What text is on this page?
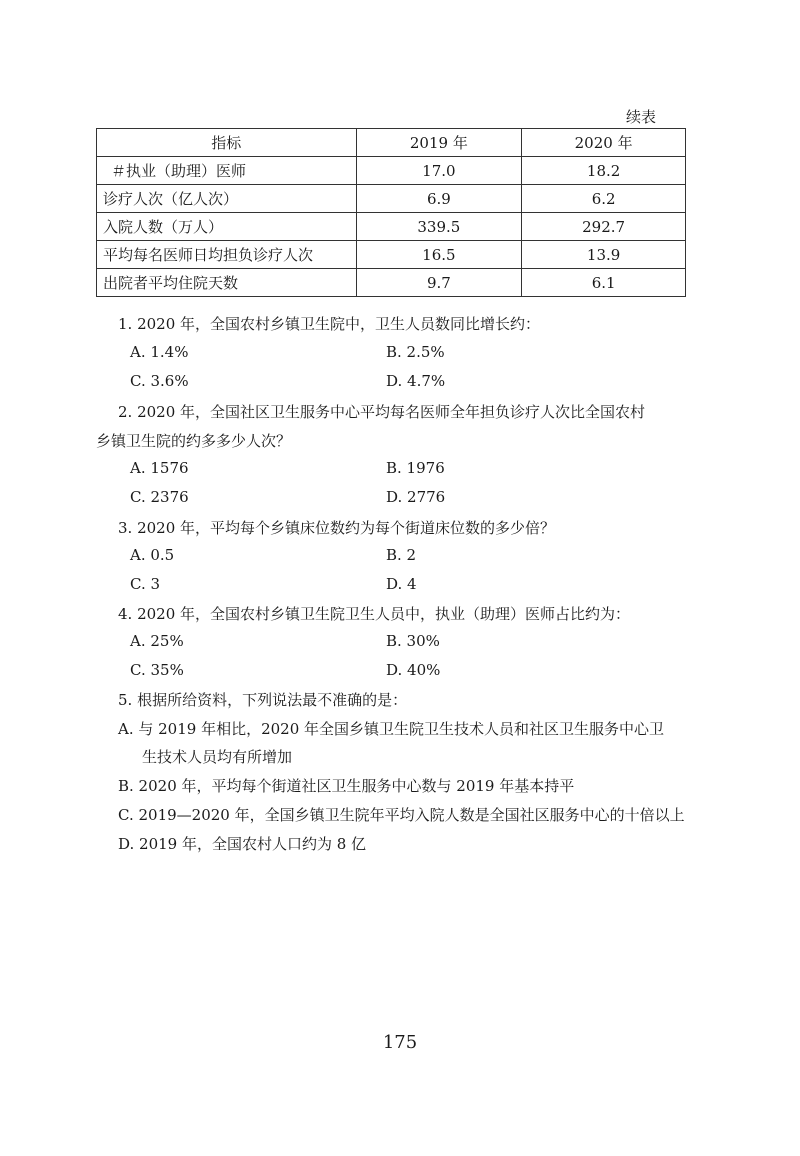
续表
指标	2019 年	2020 年
＃执业（助理）医师	17.0	18.2
诊疗人次（亿人次）	6.9	6.2
入院人数（万人）	339.5	292.7
平均每名医师日均担负诊疗人次	16.5	13.9
出院者平均住院天数	9.7	6.1
1. 2020 年，全国农村乡镇卫生院中，卫生人员数同比增长约：
A. 1.4%	B. 2.5%
C. 3.6%	D. 4.7%
2. 2020 年，全国社区卫生服务中心平均每名医师全年担负诊疗人次比全国农村
乡镇卫生院的约多多少人次？
A. 1576	B. 1976
C. 2376	D. 2776
3. 2020 年，平均每个乡镇床位数约为每个街道床位数的多少倍？
A. 0.5	B. 2
C. 3	D. 4
4. 2020 年，全国农村乡镇卫生院卫生人员中，执业（助理）医师占比约为：
A. 25%	B. 30%
C. 35%	D. 40%
5. 根据所给资料，下列说法最不准确的是：
A. 与 2019 年相比，2020 年全国乡镇卫生院卫生技术人员和社区卫生服务中心卫
生技术人员均有所增加
B. 2020 年，平均每个街道社区卫生服务中心数与 2019 年基本持平
C. 2019—2020 年，全国乡镇卫生院年平均入院人数是全国社区服务中心的十倍以上
D. 2019 年，全国农村人口约为 8 亿
175
